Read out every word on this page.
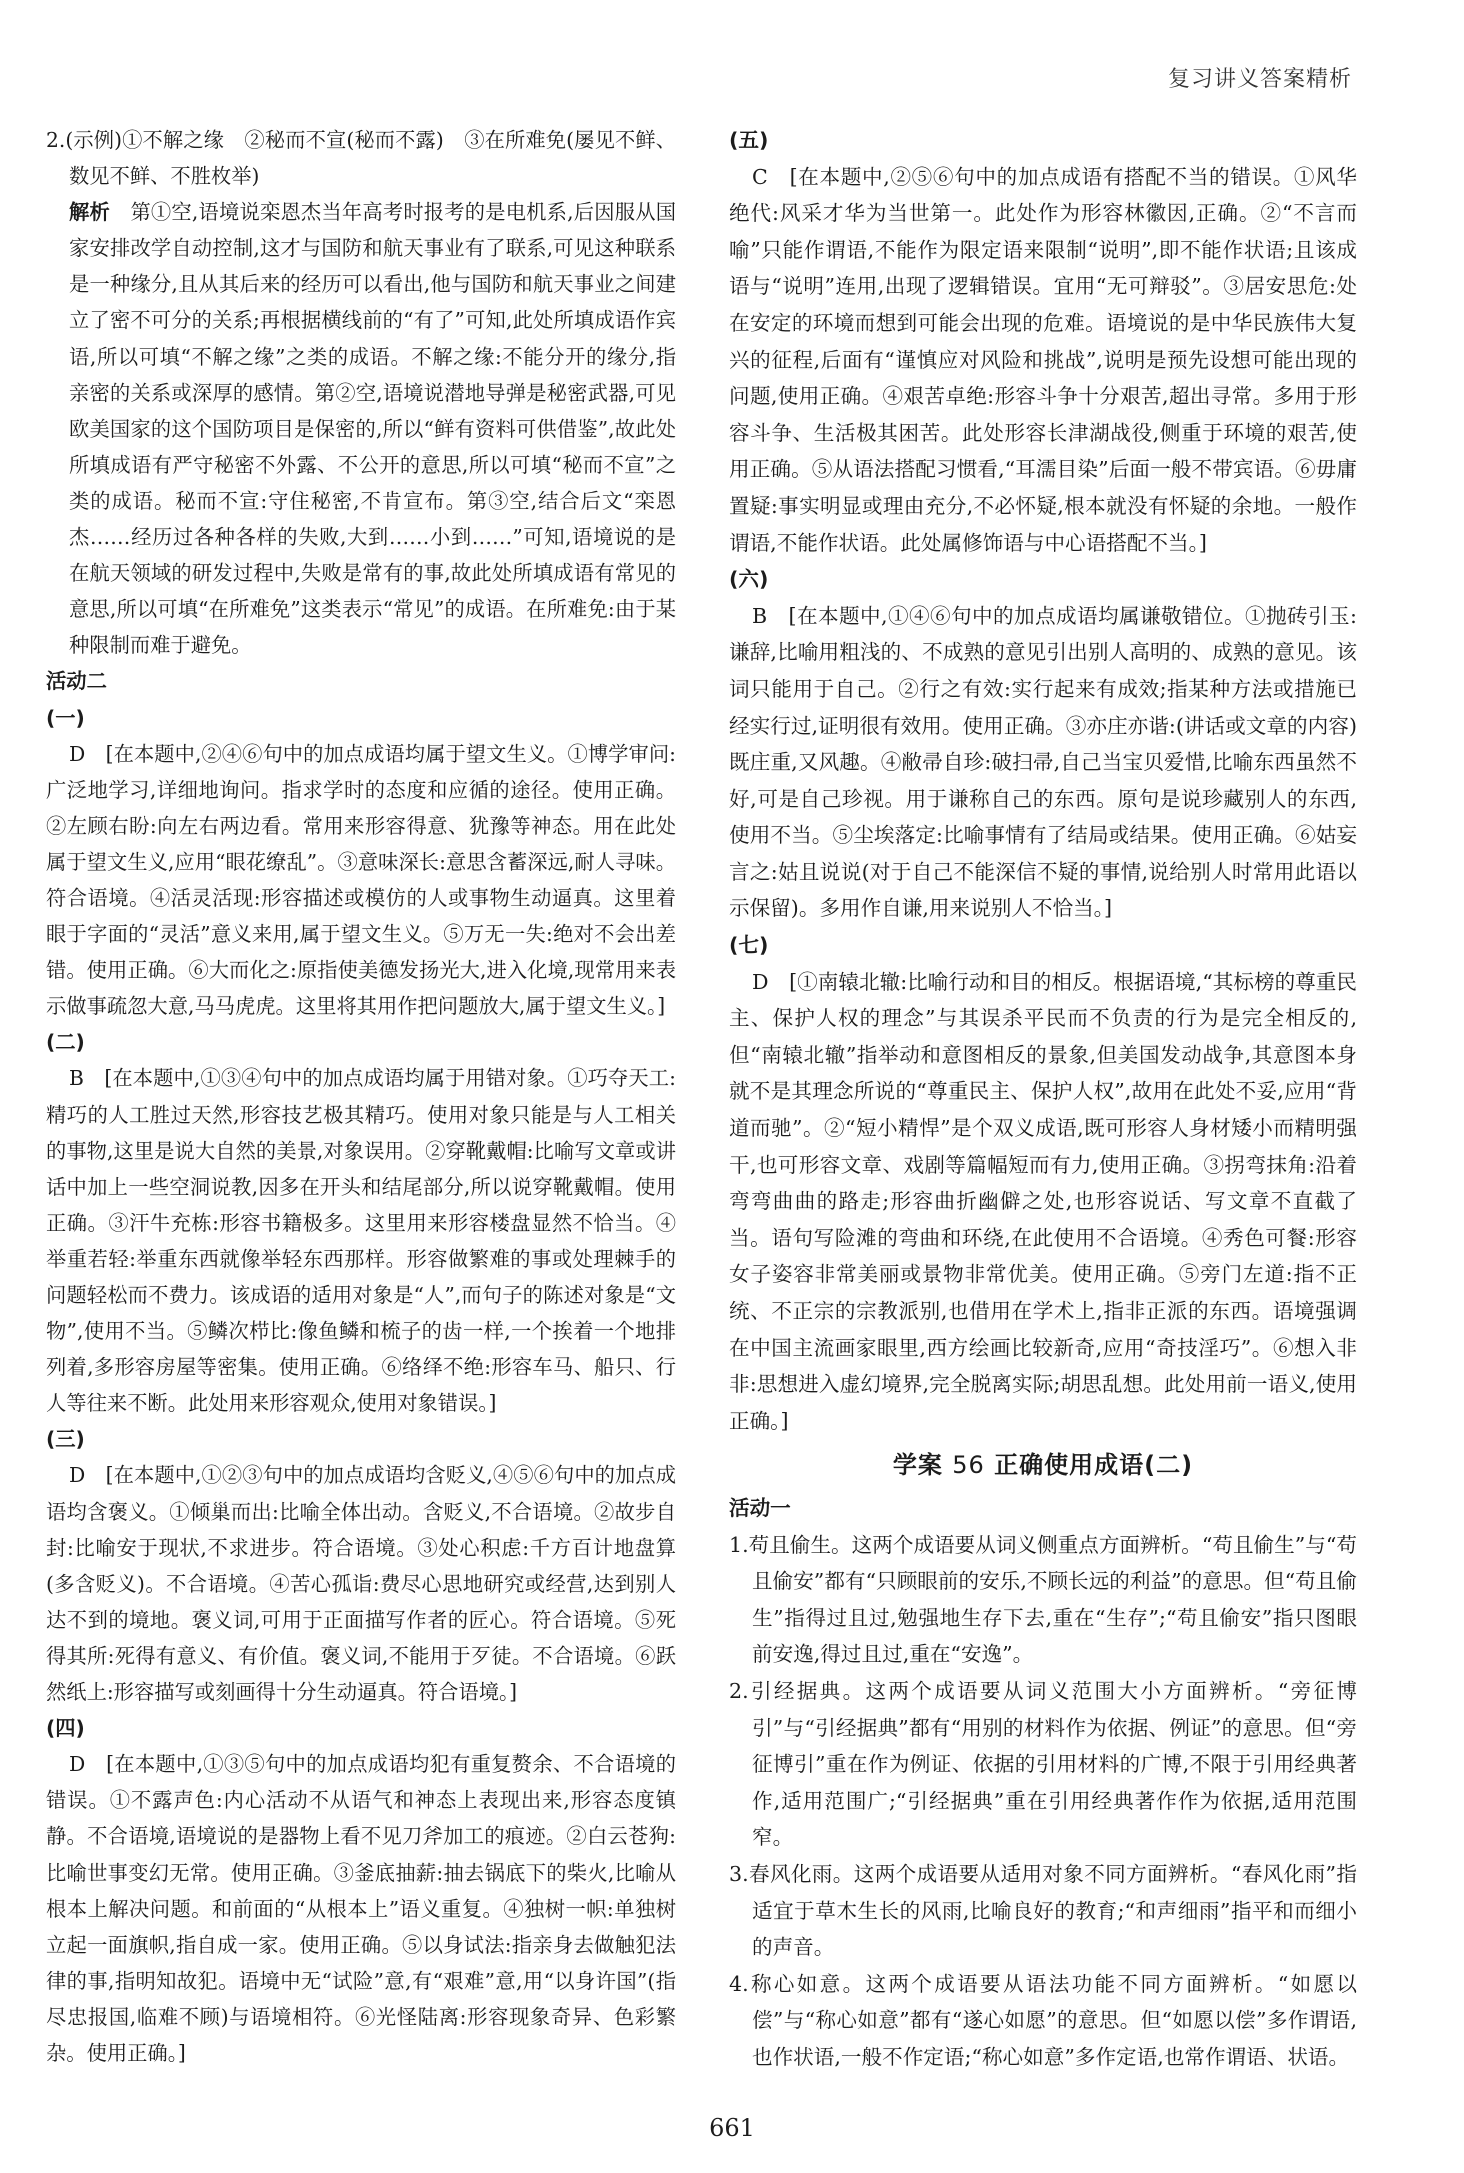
复习讲义答案精析

2.(示例)①不解之缘　②秘而不宣(秘而不露)　③在所难免(屡见不鲜、数见不鲜、不胜枚举)

解析　 第①空,语境说栾恩杰当年高考时报考的是电机系,后因服从国家安排改学自动控制,这才与国防和航天事业有了联系,可见这种联系是一种缘分,且从其后来的经历可以看出,他与国防和航天事业之间建立了密不可分的关系;再根据横线前的“有了”可知,此处所填成语作宾语,所以可填“不解之缘”之类的成语。不解之缘:不能分开的缘分,指亲密的关系或深厚的感情。第②空,语境说潜地导弹是秘密武器,可见欧美国家的这个国防项目是保密的,所以“鲜有资料可供借鉴”,故此处所填成语有严守秘密不外露、不公开的意思,所以可填“秘而不宣”之类的成语。秘而不宣:守住秘密,不肯宣布。第③空,结合后文“栾恩杰……经历过各种各样的失败,大到……小到……”可知,语境说的是在航天领域的研发过程中,失败是常有的事,故此处所填成语有常见的意思,所以可填“在所难免”这类表示“常见”的成语。在所难免:由于某种限制而难于避免。

活动二

(一)

D　[在本题中,②④⑥句中的加点成语均属于望文生义。①博学审问:广泛地学习,详细地询问。指求学时的态度和应循的途径。使用正确。②左顾右盼:向左右两边看。常用来形容得意、犹豫等神态。用在此处属于望文生义,应用“眼花缭乱”。③意味深长:意思含蓄深远,耐人寻味。符合语境。④活灵活现:形容描述或模仿的人或事物生动逼真。这里着眼于字面的“灵活”意义来用,属于望文生义。⑤万无一失:绝对不会出差错。使用正确。⑥大而化之:原指使美德发扬光大,进入化境,现常用来表示做事疏忽大意,马马虎虎。这里将其用作把问题放大,属于望文生义。]

(二)

B　[在本题中,①③④句中的加点成语均属于用错对象。①巧夺天工:精巧的人工胜过天然,形容技艺极其精巧。使用对象只能是与人工相关的事物,这里是说大自然的美景,对象误用。②穿靴戴帽:比喻写文章或讲话中加上一些空洞说教,因多在开头和结尾部分,所以说穿靴戴帽。使用正确。③汗牛充栋:形容书籍极多。这里用来形容楼盘显然不恰当。④举重若轻:举重东西就像举轻东西那样。形容做繁难的事或处理棘手的问题轻松而不费力。该成语的适用对象是“人”,而句子的陈述对象是“文物”,使用不当。⑤鳞次栉比:像鱼鳞和梳子的齿一样,一个挨着一个地排列着,多形容房屋等密集。使用正确。⑥络绎不绝:形容车马、船只、行人等往来不断。此处用来形容观众,使用对象错误。]

(三)

D　[在本题中,①②③句中的加点成语均含贬义,④⑤⑥句中的加点成语均含褒义。①倾巢而出:比喻全体出动。含贬义,不合语境。②故步自封:比喻安于现状,不求进步。符合语境。③处心积虑:千方百计地盘算(多含贬义)。不合语境。④苦心孤诣:费尽心思地研究或经营,达到别人达不到的境地。褒义词,可用于正面描写作者的匠心。符合语境。⑤死得其所:死得有意义、有价值。褒义词,不能用于歹徒。不合语境。⑥跃然纸上:形容描写或刻画得十分生动逼真。符合语境。]

(四)

D　[在本题中,①③⑤句中的加点成语均犯有重复赘余、不合语境的错误。①不露声色:内心活动不从语气和神态上表现出来,形容态度镇静。不合语境,语境说的是器物上看不见刀斧加工的痕迹。②白云苍狗:比喻世事变幻无常。使用正确。③釜底抽薪:抽去锅底下的柴火,比喻从根本上解决问题。和前面的“从根本上”语义重复。④独树一帜:单独树立起一面旗帜,指自成一家。使用正确。⑤以身试法:指亲身去做触犯法律的事,指明知故犯。语境中无“试险”意,有“艰难”意,用“以身许国”(指尽忠报国,临难不顾)与语境相符。⑥光怪陆离:形容现象奇异、色彩繁杂。使用正确。]

(五)

C　[在本题中,②⑤⑥句中的加点成语有搭配不当的错误。①风华绝代:风采才华为当世第一。此处作为形容林徽因,正确。②“不言而喻”只能作谓语,不能作为限定语来限制“说明”,即不能作状语;且该成语与“说明”连用,出现了逻辑错误。宜用“无可辩驳”。③居安思危:处在安定的环境而想到可能会出现的危难。语境说的是中华民族伟大复兴的征程,后面有“谨慎应对风险和挑战”,说明是预先设想可能出现的问题,使用正确。④艰苦卓绝:形容斗争十分艰苦,超出寻常。多用于形容斗争、生活极其困苦。此处形容长津湖战役,侧重于环境的艰苦,使用正确。⑤从语法搭配习惯看,“耳濡目染”后面一般不带宾语。⑥毋庸置疑:事实明显或理由充分,不必怀疑,根本就没有怀疑的余地。一般作谓语,不能作状语。此处属修饰语与中心语搭配不当。]

(六)

B　[在本题中,①④⑥句中的加点成语均属谦敬错位。①抛砖引玉:谦辞,比喻用粗浅的、不成熟的意见引出别人高明的、成熟的意见。该词只能用于自己。②行之有效:实行起来有成效;指某种方法或措施已经实行过,证明很有效用。使用正确。③亦庄亦谐:(讲话或文章的内容)既庄重,又风趣。④敝帚自珍:破扫帚,自己当宝贝爱惜,比喻东西虽然不好,可是自己珍视。用于谦称自己的东西。原句是说珍藏别人的东西,使用不当。⑤尘埃落定:比喻事情有了结局或结果。使用正确。⑥姑妄言之:姑且说说(对于自己不能深信不疑的事情,说给别人时常用此语以示保留)。多用作自谦,用来说别人不恰当。]

(七)

D　[①南辕北辙:比喻行动和目的相反。根据语境,“其标榜的尊重民主、保护人权的理念”与其误杀平民而不负责的行为是完全相反的,但“南辕北辙”指举动和意图相反的景象,但美国发动战争,其意图本身就不是其理念所说的“尊重民主、保护人权”,故用在此处不妥,应用“背道而驰”。②“短小精悍”是个双义成语,既可形容人身材矮小而精明强干,也可形容文章、戏剧等篇幅短而有力,使用正确。③拐弯抹角:沿着弯弯曲曲的路走;形容曲折幽僻之处,也形容说话、写文章不直截了当。语句写险滩的弯曲和环绕,在此使用不合语境。④秀色可餐:形容女子姿容非常美丽或景物非常优美。使用正确。⑤旁门左道:指不正统、不正宗的宗教派别,也借用在学术上,指非正派的东西。语境强调在中国主流画家眼里,西方绘画比较新奇,应用“奇技淫巧”。⑥想入非非:思想进入虚幻境界,完全脱离实际;胡思乱想。此处用前一语义,使用正确。]

学案 56 正确使用成语(二)

活动一

1.苟且偷生。这两个成语要从词义侧重点方面辨析。“苟且偷生”与“苟且偷安”都有“只顾眼前的安乐,不顾长远的利益”的意思。但“苟且偷生”指得过且过,勉强地生存下去,重在“生存”;“苟且偷安”指只图眼前安逸,得过且过,重在“安逸”。

2.引经据典。这两个成语要从词义范围大小方面辨析。“旁征博引”与“引经据典”都有“用别的材料作为依据、例证”的意思。但“旁征博引”重在作为例证、依据的引用材料的广博,不限于引用经典著作,适用范围广;“引经据典”重在引用经典著作作为依据,适用范围窄。

3.春风化雨。这两个成语要从适用对象不同方面辨析。“春风化雨”指适宜于草木生长的风雨,比喻良好的教育;“和声细雨”指平和而细小的声音。

4.称心如意。这两个成语要从语法功能不同方面辨析。“如愿以偿”与“称心如意”都有“遂心如愿”的意思。但“如愿以偿”多作谓语,也作状语,一般不作定语;“称心如意”多作定语,也常作谓语、状语。

661
